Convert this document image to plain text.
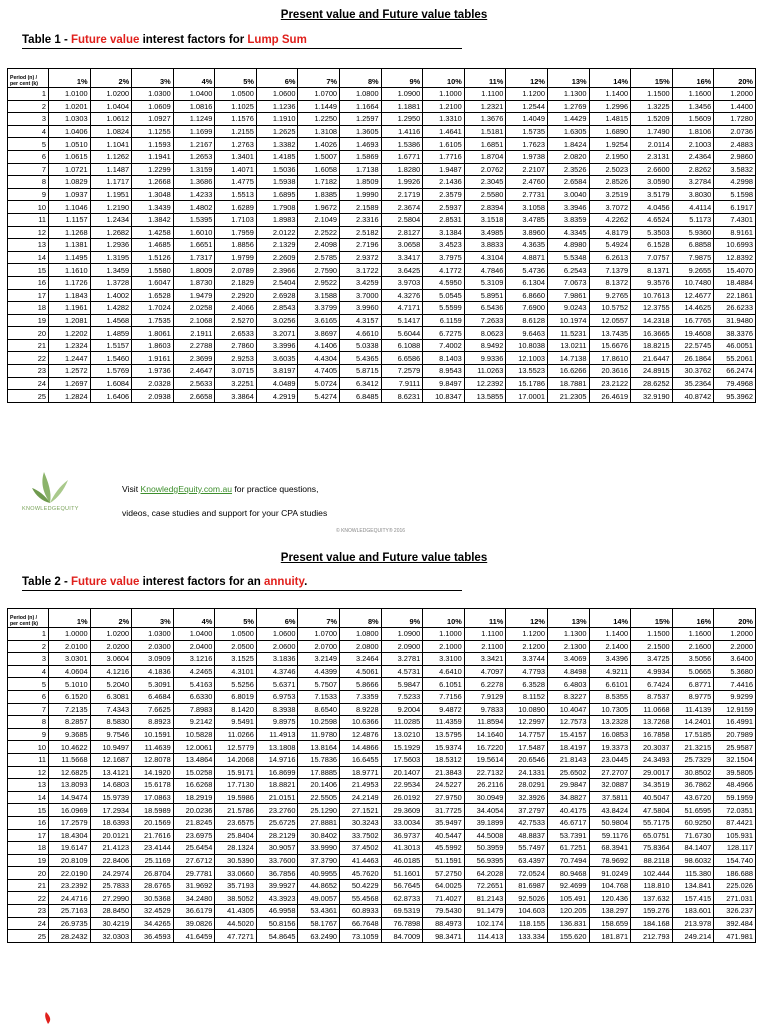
Present value and Future value tables
Table 1 - Future value interest factors for Lump Sum
Period (n) / per cent (k)	1%	2%	3%	4%	5%	6%	7%	8%	9%	10%	11%	12%	13%	14%	15%	16%	20%
1	1.0100	1.0200	1.0300	1.0400	1.0500	1.0600	1.0700	1.0800	1.0900	1.1000	1.1100	1.1200	1.1300	1.1400	1.1500	1.1600	1.2000
2	1.0201	1.0404	1.0609	1.0816	1.1025	1.1236	1.1449	1.1664	1.1881	1.2100	1.2321	1.2544	1.2769	1.2996	1.3225	1.3456	1.4400
3	1.0303	1.0612	1.0927	1.1249	1.1576	1.1910	1.2250	1.2597	1.2950	1.3310	1.3676	1.4049	1.4429	1.4815	1.5209	1.5609	1.7280
4	1.0406	1.0824	1.1255	1.1699	1.2155	1.2625	1.3108	1.3605	1.4116	1.4641	1.5181	1.5735	1.6305	1.6890	1.7490	1.8106	2.0736
5	1.0510	1.1041	1.1593	1.2167	1.2763	1.3382	1.4026	1.4693	1.5386	1.6105	1.6851	1.7623	1.8424	1.9254	2.0114	2.1003	2.4883
6	1.0615	1.1262	1.1941	1.2653	1.3401	1.4185	1.5007	1.5869	1.6771	1.7716	1.8704	1.9738	2.0820	2.1950	2.3131	2.4364	2.9860
7	1.0721	1.1487	1.2299	1.3159	1.4071	1.5036	1.6058	1.7138	1.8280	1.9487	2.0762	2.2107	2.3526	2.5023	2.6600	2.8262	3.5832
8	1.0829	1.1717	1.2668	1.3686	1.4775	1.5938	1.7182	1.8509	1.9926	2.1436	2.3045	2.4760	2.6584	2.8526	3.0590	3.2784	4.2998
9	1.0937	1.1951	1.3048	1.4233	1.5513	1.6895	1.8385	1.9990	2.1719	2.3579	2.5580	2.7731	3.0040	3.2519	3.5179	3.8030	5.1598
10	1.1046	1.2190	1.3439	1.4802	1.6289	1.7908	1.9672	2.1589	2.3674	2.5937	2.8394	3.1058	3.3946	3.7072	4.0456	4.4114	6.1917
11	1.1157	1.2434	1.3842	1.5395	1.7103	1.8983	2.1049	2.3316	2.5804	2.8531	3.1518	3.4785	3.8359	4.2262	4.6524	5.1173	7.4301
12	1.1268	1.2682	1.4258	1.6010	1.7959	2.0122	2.2522	2.5182	2.8127	3.1384	3.4985	3.8960	4.3345	4.8179	5.3503	5.9360	8.9161
13	1.1381	1.2936	1.4685	1.6651	1.8856	2.1329	2.4098	2.7196	3.0658	3.4523	3.8833	4.3635	4.8980	5.4924	6.1528	6.8858	10.6993
14	1.1495	1.3195	1.5126	1.7317	1.9799	2.2609	2.5785	2.9372	3.3417	3.7975	4.3104	4.8871	5.5348	6.2613	7.0757	7.9875	12.8392
15	1.1610	1.3459	1.5580	1.8009	2.0789	2.3966	2.7590	3.1722	3.6425	4.1772	4.7846	5.4736	6.2543	7.1379	8.1371	9.2655	15.4070
16	1.1726	1.3728	1.6047	1.8730	2.1829	2.5404	2.9522	3.4259	3.9703	4.5950	5.3109	6.1304	7.0673	8.1372	9.3576	10.7480	18.4884
17	1.1843	1.4002	1.6528	1.9479	2.2920	2.6928	3.1588	3.7000	4.3276	5.0545	5.8951	6.8660	7.9861	9.2765	10.7613	12.4677	22.1861
18	1.1961	1.4282	1.7024	2.0258	2.4066	2.8543	3.3799	3.9960	4.7171	5.5599	6.5436	7.6900	9.0243	10.5752	12.3755	14.4625	26.6233
19	1.2081	1.4568	1.7535	2.1068	2.5270	3.0256	3.6165	4.3157	5.1417	6.1159	7.2633	8.6128	10.1974	12.0557	14.2318	16.7765	31.9480
20	1.2202	1.4859	1.8061	2.1911	2.6533	3.2071	3.8697	4.6610	5.6044	6.7275	8.0623	9.6463	11.5231	13.7435	16.3665	19.4608	38.3376
21	1.2324	1.5157	1.8603	2.2788	2.7860	3.3996	4.1406	5.0338	6.1088	7.4002	8.9492	10.8038	13.0211	15.6676	18.8215	22.5745	46.0051
22	1.2447	1.5460	1.9161	2.3699	2.9253	3.6035	4.4304	5.4365	6.6586	8.1403	9.9336	12.1003	14.7138	17.8610	21.6447	26.1864	55.2061
23	1.2572	1.5769	1.9736	2.4647	3.0715	3.8197	4.7405	5.8715	7.2579	8.9543	11.0263	13.5523	16.6266	20.3616	24.8915	30.3762	66.2474
24	1.2697	1.6084	2.0328	2.5633	3.2251	4.0489	5.0724	6.3412	7.9111	9.8497	12.2392	15.1786	18.7881	23.2122	28.6252	35.2364	79.4968
25	1.2824	1.6406	2.0938	2.6658	3.3864	4.2919	5.4274	6.8485	8.6231	10.8347	13.5855	17.0001	21.2305	26.4619	32.9190	40.8742	95.3962
KNOWLEDGEQUITY
Visit KnowledgEquity.com.au for practice questions,
videos, case studies and support for your CPA studies
© KNOWLEDGEQUITY® 2016
Present value and Future value tables
Table 2 - Future value interest factors for an annuity.
Period (n) / per cent (k)	1%	2%	3%	4%	5%	6%	7%	8%	9%	10%	11%	12%	13%	14%	15%	16%	20%
1	1.0000	1.0200	1.0300	1.0400	1.0500	1.0600	1.0700	1.0800	1.0900	1.1000	1.1100	1.1200	1.1300	1.1400	1.1500	1.1600	1.2000
2	2.0100	2.0200	2.0300	2.0400	2.0500	2.0600	2.0700	2.0800	2.0900	2.1000	2.1100	2.1200	2.1300	2.1400	2.1500	2.1600	2.2000
3	3.0301	3.0604	3.0909	3.1216	3.1525	3.1836	3.2149	3.2464	3.2781	3.3100	3.3421	3.3744	3.4069	3.4396	3.4725	3.5056	3.6400
4	4.0604	4.1216	4.1836	4.2465	4.3101	4.3746	4.4399	4.5061	4.5731	4.6410	4.7097	4.7793	4.8498	4.9211	4.9934	5.0665	5.3680
5	5.1010	5.2040	5.3091	5.4163	5.5256	5.6371	5.7507	5.8666	5.9847	6.1051	6.2278	6.3528	6.4803	6.6101	6.7424	6.8771	7.4416
6	6.1520	6.3081	6.4684	6.6330	6.8019	6.9753	7.1533	7.3359	7.5233	7.7156	7.9129	8.1152	8.3227	8.5355	8.7537	8.9775	9.9299
7	7.2135	7.4343	7.6625	7.8983	8.1420	8.3938	8.6540	8.9228	9.2004	9.4872	9.7833	10.0890	10.4047	10.7305	11.0668	11.4139	12.9159
8	8.2857	8.5830	8.8923	9.2142	9.5491	9.8975	10.2598	10.6366	11.0285	11.4359	11.8594	12.2997	12.7573	13.2328	13.7268	14.2401	16.4991
9	9.3685	9.7546	10.1591	10.5828	11.0266	11.4913	11.9780	12.4876	13.0210	13.5795	14.1640	14.7757	15.4157	16.0853	16.7858	17.5185	20.7989
10	10.4622	10.9497	11.4639	12.0061	12.5779	13.1808	13.8164	14.4866	15.1929	15.9374	16.7220	17.5487	18.4197	19.3373	20.3037	21.3215	25.9587
11	11.5668	12.1687	12.8078	13.4864	14.2068	14.9716	15.7836	16.6455	17.5603	18.5312	19.5614	20.6546	21.8143	23.0445	24.3493	25.7329	32.1504
12	12.6825	13.4121	14.1920	15.0258	15.9171	16.8699	17.8885	18.9771	20.1407	21.3843	22.7132	24.1331	25.6502	27.2707	29.0017	30.8502	39.5805
13	13.8093	14.6803	15.6178	16.6268	17.7130	18.8821	20.1406	21.4953	22.9534	24.5227	26.2116	28.0291	29.9847	32.0887	34.3519	36.7862	48.4966
14	14.9474	15.9739	17.0863	18.2919	19.5986	21.0151	22.5505	24.2149	26.0192	27.9750	30.0949	32.3926	34.8827	37.5811	40.5047	43.6720	59.1959
15	16.0969	17.2934	18.5989	20.0236	21.5786	23.2760	25.1290	27.1521	29.3609	31.7725	34.4054	37.2797	40.4175	43.8424	47.5804	51.6595	72.0351
16	17.2579	18.6393	20.1569	21.8245	23.6575	25.6725	27.8881	30.3243	33.0034	35.9497	39.1899	42.7533	46.6717	50.9804	55.7175	60.9250	87.4421
17	18.4304	20.0121	21.7616	23.6975	25.8404	28.2129	30.8402	33.7502	36.9737	40.5447	44.5008	48.8837	53.7391	59.1176	65.0751	71.6730	105.931
18	19.6147	21.4123	23.4144	25.6454	28.1324	30.9057	33.9990	37.4502	41.3013	45.5992	50.3959	55.7497	61.7251	68.3941	75.8364	84.1407	128.117
19	20.8109	22.8406	25.1169	27.6712	30.5390	33.7600	37.3790	41.4463	46.0185	51.1591	56.9395	63.4397	70.7494	78.9692	88.2118	98.6032	154.740
20	22.0190	24.2974	26.8704	29.7781	33.0660	36.7856	40.9955	45.7620	51.1601	57.2750	64.2028	72.0524	80.9468	91.0249	102.444	115.380	186.688
21	23.2392	25.7833	28.6765	31.9692	35.7193	39.9927	44.8652	50.4229	56.7645	64.0025	72.2651	81.6987	92.4699	104.768	118.810	134.841	225.026
22	24.4716	27.2990	30.5368	34.2480	38.5052	43.3923	49.0057	55.4568	62.8733	71.4027	81.2143	92.5026	105.491	120.436	137.632	157.415	271.031
23	25.7163	28.8450	32.4529	36.6179	41.4305	46.9958	53.4361	60.8933	69.5319	79.5430	91.1479	104.603	120.205	138.297	159.276	183.601	326.237
24	26.9735	30.4219	34.4265	39.0826	44.5020	50.8156	58.1767	66.7648	76.7898	88.4973	102.174	118.155	136.831	158.659	184.168	213.978	392.484
25	28.2432	32.0303	36.4593	41.6459	47.7271	54.8645	63.2490	73.1059	84.7009	98.3471	114.413	133.334	155.620	181.871	212.793	249.214	471.981
